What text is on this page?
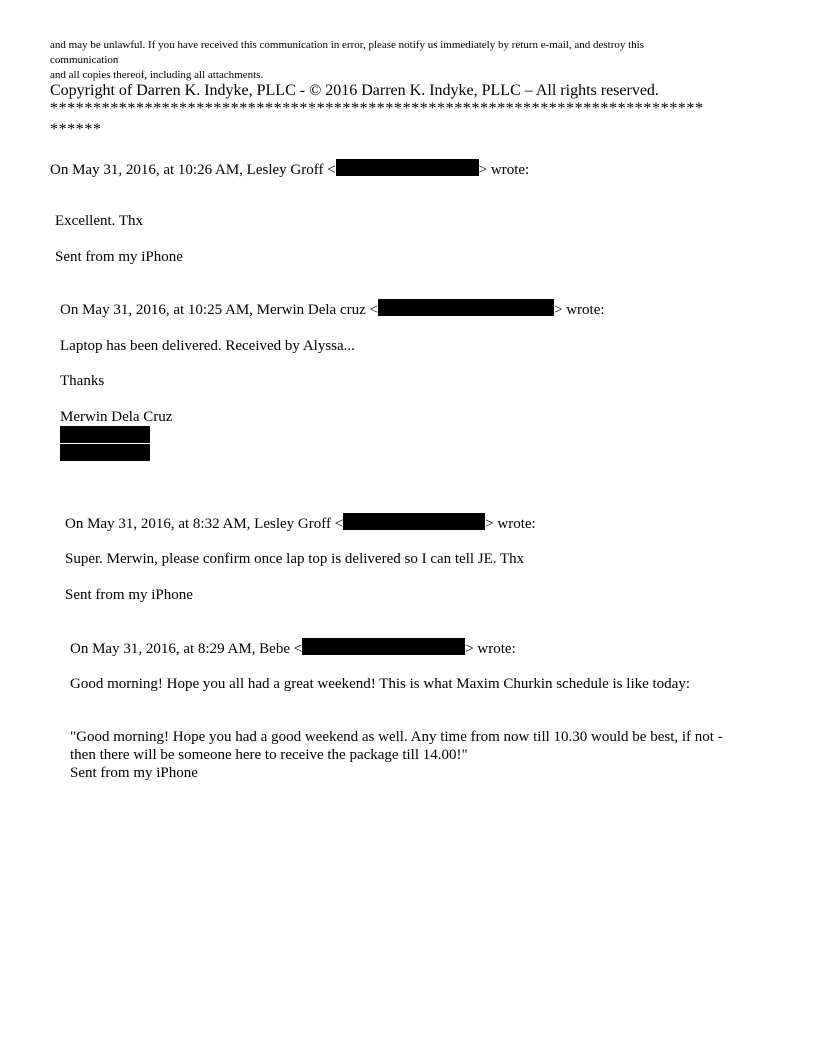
and may be unlawful. If you have received this communication in error, please notify us immediately by return e-mail, and destroy this
communication
and all copies thereof, including all attachments.
Copyright of Darren K. Indyke, PLLC - © 2016 Darren K. Indyke, PLLC – All rights reserved.
****************************************************************************
******
On May 31, 2016, at 10:26 AM, Lesley Groff <	> wrote:
Excellent. Thx
Sent from my iPhone
On May 31, 2016, at 10:25 AM, Merwin Dela cruz <	> wrote:
Laptop has been delivered. Received by Alyssa...
Thanks
Merwin Dela Cruz
On May 31, 2016, at 8:32 AM, Lesley Groff <	> wrote:
Super. Merwin, please confirm once lap top is delivered so I can tell JE. Thx
Sent from my iPhone
On May 31, 2016, at 8:29 AM, Bebe <	> wrote:
Good morning! Hope you all had a great weekend! This is what Maxim Churkin schedule is like today:
"Good morning! Hope you had a good weekend as well. Any time from now till 10.30 would be best, if not - then there will be someone here to receive the package till 14.00!"
Sent from my iPhone
